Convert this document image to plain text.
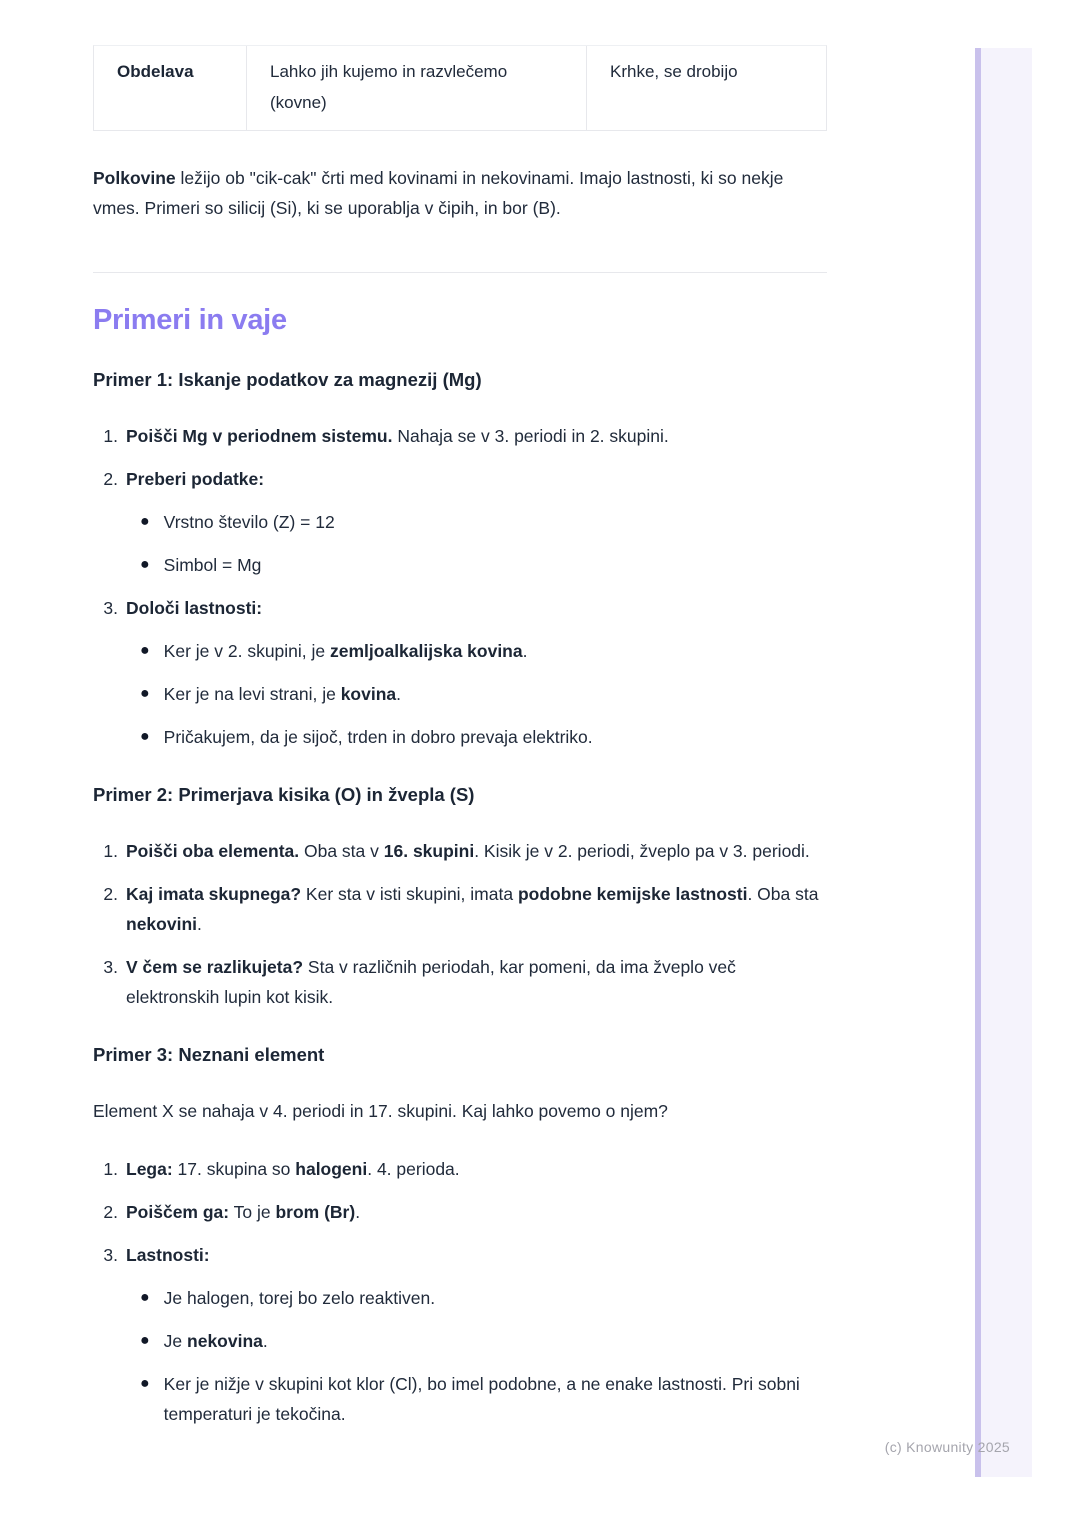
(c) Knowunity 2025
Obdelava	Lahko jih kujemo in razvlečemo (kovne)
Krhke, se drobijo

Polkovine ležijo ob "cik-cak" črti med kovinami in nekovinami. Imajo lastnosti, ki so nekje vmes. Primeri so silicij (Si), ki se uporablja v čipih, in bor (B).

Primeri in vaje
Primer 1: Iskanje podatkov za magnezij (Mg)
1. Poišči Mg v periodnem sistemu. Nahaja se v 3. periodi in 2. skupini.
2. Preberi podatke:
● Vrstno število (Z) = 12
● Simbol = Mg
3. Določi lastnosti:
● Ker je v 2. skupini, je zemljoalkalijska kovina.
● Ker je na levi strani, je kovina.
● Pričakujem, da je sijoč, trden in dobro prevaja elektriko.
Primer 2: Primerjava kisika (O) in žvepla (S)
1. Poišči oba elementa. Oba sta v 16. skupini. Kisik je v 2. periodi, žveplo pa v 3. periodi.
2. Kaj imata skupnega? Ker sta v isti skupini, imata podobne kemijske lastnosti. Oba sta nekovini.
3. V čem se razlikujeta? Sta v različnih periodah, kar pomeni, da ima žveplo več elektronskih lupin kot kisik.
Primer 3: Neznani element

Element X se nahaja v 4. periodi in 17. skupini. Kaj lahko povemo o njem?

1. Lega: 17. skupina so halogeni. 4. perioda.
2. Poiščem ga: To je brom (Br).
3. Lastnosti:
● Je halogen, torej bo zelo reaktiven.
● Je nekovina.
● Ker je nižje v skupini kot klor (Cl), bo imel podobne, a ne enake lastnosti. Pri sobni temperaturi je tekočina.
